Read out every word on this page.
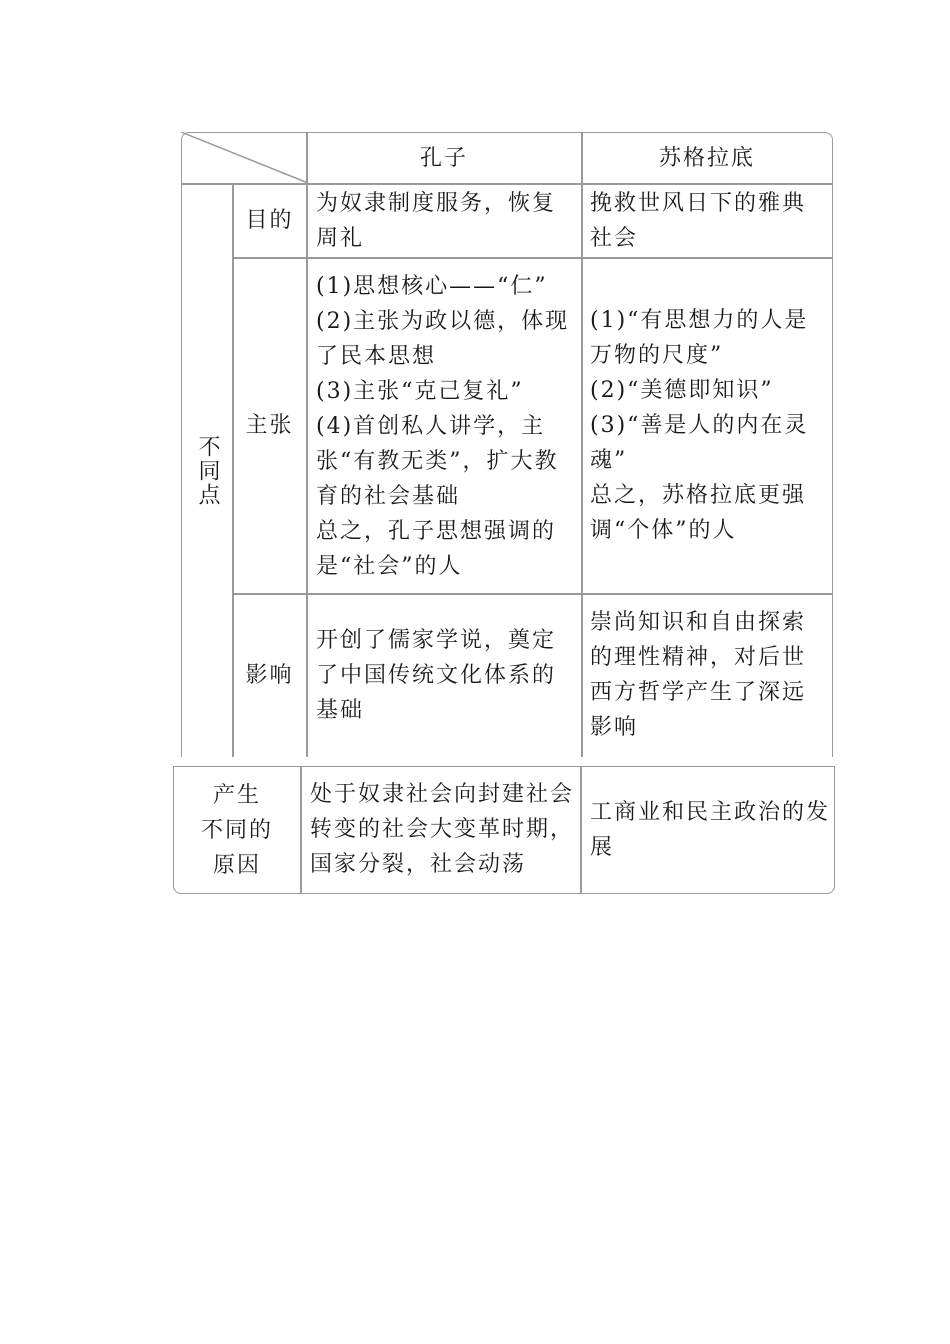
孔子	苏格拉底
不同点
目的
为奴隶制度服务，恢复周礼
挽救世风日下的雅典社会
主张

(1)思想核心——“仁”

(2)主张为政以德，体现了民本思想

(3)主张“克己复礼”

(4)首创私人讲学，主张“有教无类”，扩大教育的社会基础

总之，孔子思想强调的是“社会”的人

(1)“有思想力的人是万物的尺度”

(2)“美德即知识”

(3)“善是人的内在灵魂”

总之，苏格拉底更强调“个体”的人

影响
开创了儒家学说，奠定了中国传统文化体系的基础
崇尚知识和自由探索的理性精神，对后世西方哲学产生了深远影响
产生
不同的
原因
处于奴隶社会向封建社会转变的社会大变革时期，国家分裂，社会动荡
工商业和民主政治的发展
